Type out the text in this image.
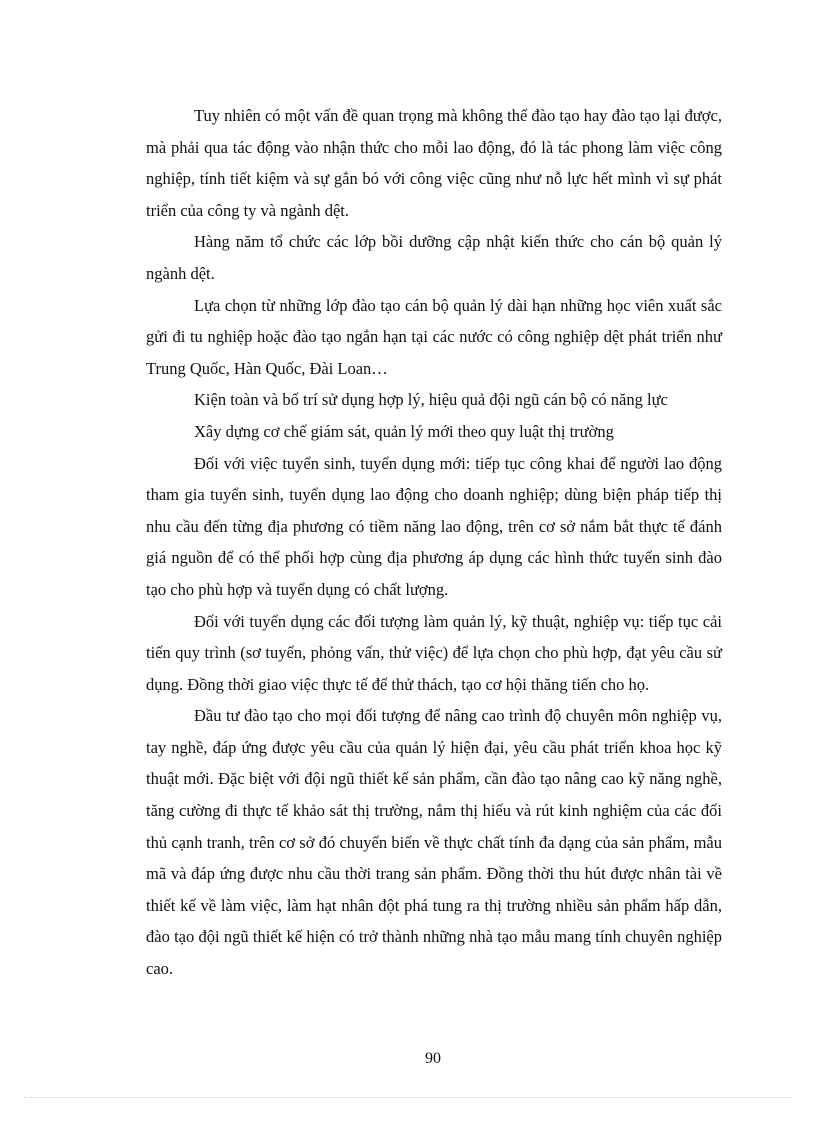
Tuy nhiên có một vấn đề quan trọng mà không thể đào tạo hay đào tạo lại được, mà phải qua tác động vào nhận thức cho mỗi lao động, đó là tác phong làm việc công nghiệp, tính tiết kiệm và sự gắn bó với công việc cũng như nỗ lực hết mình vì sự phát triển của công ty và ngành dệt.

Hàng năm tổ chức các lớp bồi dưỡng cập nhật kiến thức cho cán bộ quản lý ngành dệt.

Lựa chọn từ những lớp đào tạo cán bộ quản lý dài hạn những học viên xuất sắc gửi đi tu nghiệp hoặc đào tạo ngắn hạn tại các nước có công nghiệp dệt phát triển như Trung Quốc, Hàn Quốc, Đài Loan…

Kiện toàn và bố trí sử dụng hợp lý, hiệu quả đội ngũ cán bộ có năng lực

Xây dựng cơ chế giám sát, quản lý mới theo quy luật thị trường

Đối với việc tuyển sinh, tuyển dụng mới: tiếp tục công khai để người lao động tham gia tuyển sinh, tuyển dụng lao động cho doanh nghiệp; dùng biện pháp tiếp thị nhu cầu đến từng địa phương có tiềm năng lao động, trên cơ sở nắm bắt thực tế đánh giá nguồn để có thể phối hợp cùng địa phương áp dụng các hình thức tuyển sinh đào tạo cho phù hợp và tuyển dụng có chất lượng.

Đối với tuyển dụng các đối tượng làm quản lý, kỹ thuật, nghiệp vụ: tiếp tục cải tiến quy trình (sơ tuyển, phỏng vấn, thử việc) để lựa chọn cho phù hợp, đạt yêu cầu sử dụng. Đồng thời giao việc thực tế để thử thách, tạo cơ hội thăng tiến cho họ.

Đầu tư đào tạo cho mọi đối tượng để nâng cao trình độ chuyên môn nghiệp vụ, tay nghề, đáp ứng được yêu cầu của quản lý hiện đại, yêu cầu phát triển khoa học kỹ thuật mới. Đặc biệt với đội ngũ thiết kế sản phẩm, cần đào tạo nâng cao kỹ năng nghề, tăng cường đi thực tế khảo sát thị trường, nắm thị hiếu và rút kinh nghiệm của các đối thủ cạnh tranh, trên cơ sở đó chuyển biến về thực chất tính đa dạng của sản phẩm, mẫu mã và đáp ứng được nhu cầu thời trang sản phẩm. Đồng thời thu hút được nhân tài về thiết kế về làm việc, làm hạt nhân đột phá tung ra thị trường nhiều sản phẩm hấp dẫn, đào tạo đội ngũ thiết kế hiện có trở thành những nhà tạo mẫu mang tính chuyên nghiệp cao.

90
